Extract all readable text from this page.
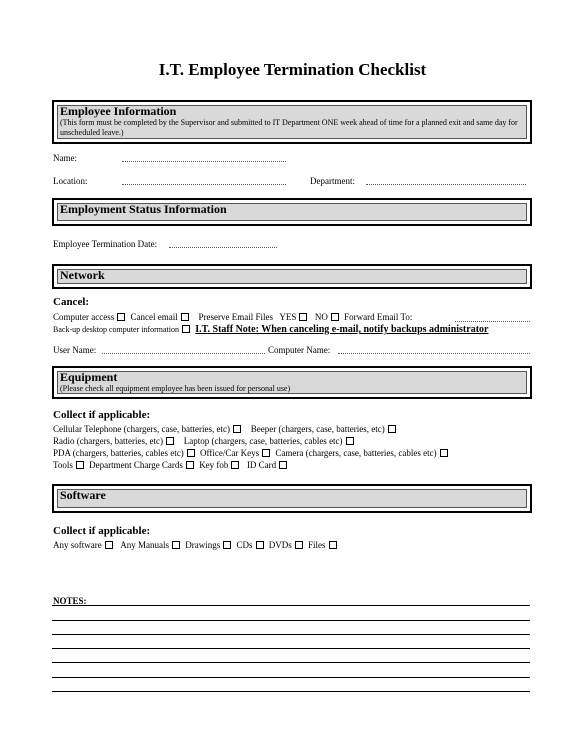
I.T. Employee Termination Checklist
Employee Information
(This form must be completed by the Supervisor and submitted to IT Department ONE week ahead of time for a planned exit and same day for unscheduled leave.)
Name:
Location:	Department:
Employment Status Information
Employee Termination Date:
Network
Cancel:
Computer access Cancel email Preserve Email Files YES NO Forward Email To:
Back-up desktop computer information I.T. Staff Note: When canceling e-mail, notify backups administrator
User Name:	Computer Name:
Equipment
(Please check all equipment employee has been issued for personal use)
Collect if applicable:
Cellular Telephone (chargers, case, batteries, etc) Beeper (chargers, case, batteries, etc)
Radio (chargers, batteries, etc) Laptop (chargers, case, batteries, cables etc)
PDA (chargers, batteries, cables etc) Office/Car Keys Camera (chargers, case, batteries, cables etc)
Tools Department Charge Cards Key fob ID Card
Software
Collect if applicable:
Any software Any Manuals Drawings CDs DVDs Files
NOTES:
